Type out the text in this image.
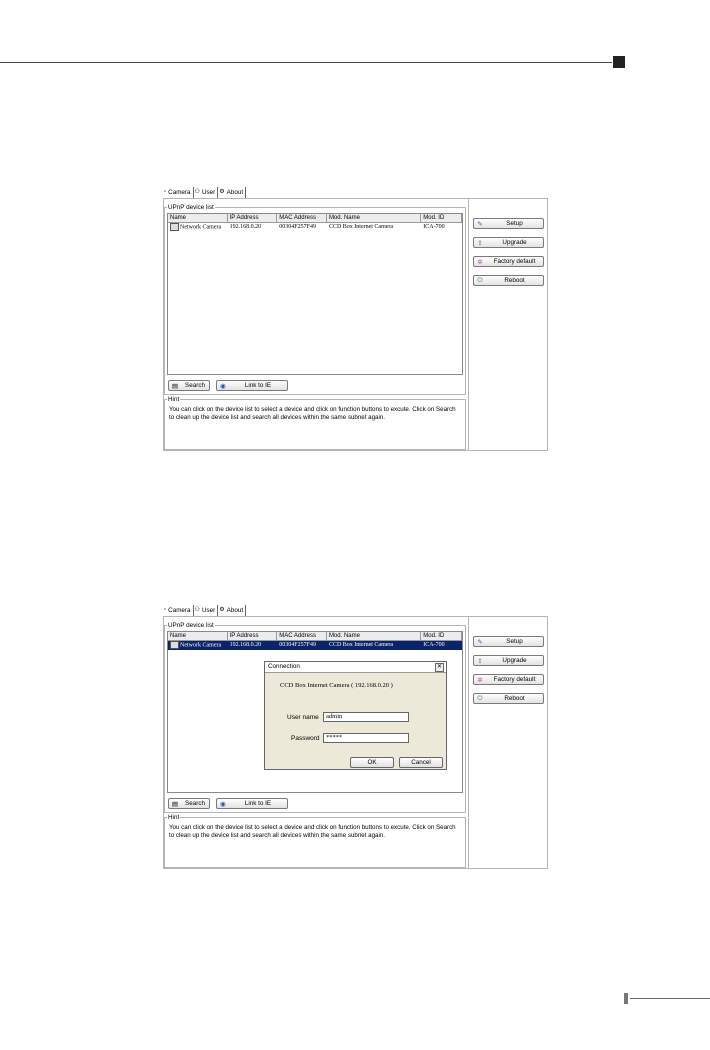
▫ Camera ⚇ User ⚙ About
UPnP device list
Name	IP Address	MAC Address	Mod. Name	Mod. ID
Network Camera	192.168.0.20	00304F257F49	CCD Box Internet Camera	ICA-700
▤	Search	◉	Link to IE
Hint
You can click on the device list to select a device and click on function buttons to excute. Click on Search to clean up the device list and search all devices within the same subnet again.
✎	Setup
⇪	Upgrade
✲	Factory default
⏻	Reboot
▫ Camera ⚇ User ⚙ About
UPnP device list
Name	IP Address	MAC Address	Mod. Name	Mod. ID
Network Camera	192.168.0.20	00304F257F49	CCD Box Internet Camera	ICA-700
Connection	✕
CCD Box Internet Camera ( 192.168.0.20 )
User name	admin
Password *****
OK	Cancel
▤	Search	◉	Link to IE
Hint
You can click on the device list to select a device and click on function buttons to excute. Click on Search to clean up the device list and search all devices within the same subnet again.
✎	Setup
⇪	Upgrade
✲	Factory default
⏻	Reboot
